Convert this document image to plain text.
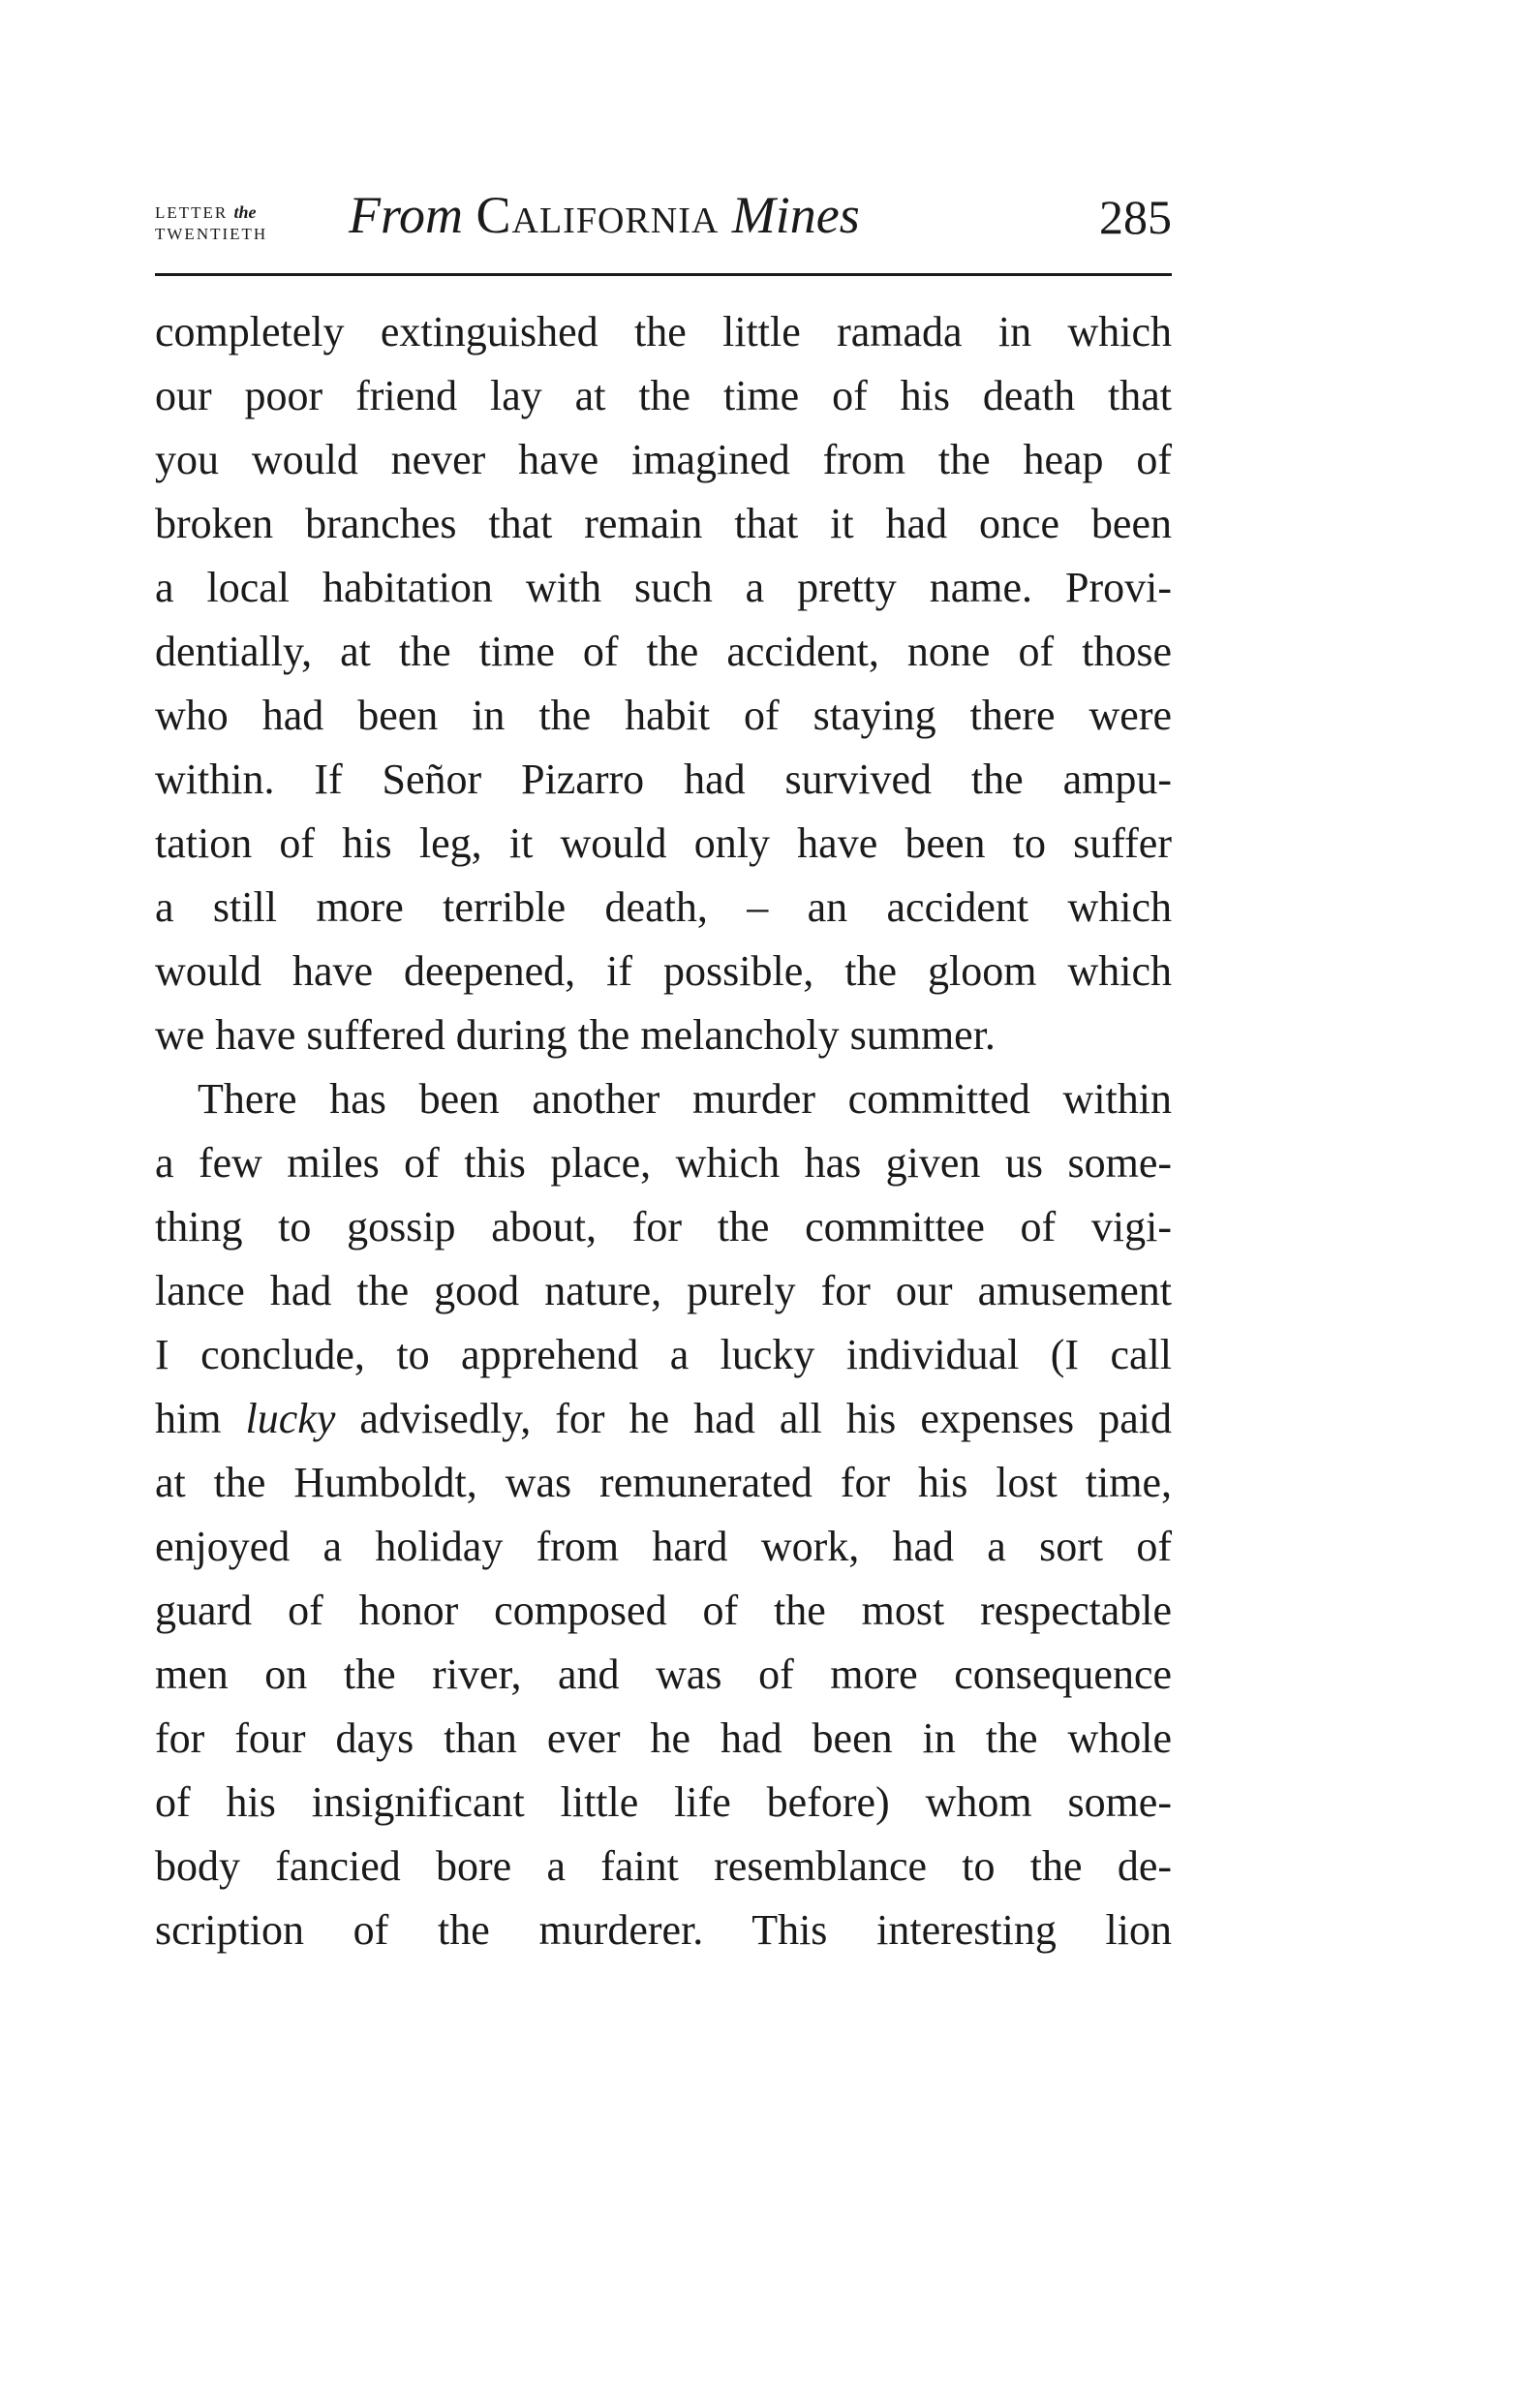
LETTER the
TWENTIETH From California Mines	285
completely extinguished the little ramada in which
our poor friend lay at the time of his death that
you would never have imagined from the heap of
broken branches that remain that it had once been
a local habitation with such a pretty name. Provi-
dentially, at the time of the accident, none of those
who had been in the habit of staying there were
within. If Señor Pizarro had survived the ampu-
tation of his leg, it would only have been to suffer
a still more terrible death, – an accident which
would have deepened, if possible, the gloom which
we have suffered during the melancholy summer.
There has been another murder committed within
a few miles of this place, which has given us some-
thing to gossip about, for the committee of vigi-
lance had the good nature, purely for our amusement
I conclude, to apprehend a lucky individual (I call
him lucky advisedly, for he had all his expenses paid
at the Humboldt, was remunerated for his lost time,
enjoyed a holiday from hard work, had a sort of
guard of honor composed of the most respectable
men on the river, and was of more consequence
for four days than ever he had been in the whole
of his insignificant little life before) whom some-
body fancied bore a faint resemblance to the de-
scription of the murderer. This interesting lion
